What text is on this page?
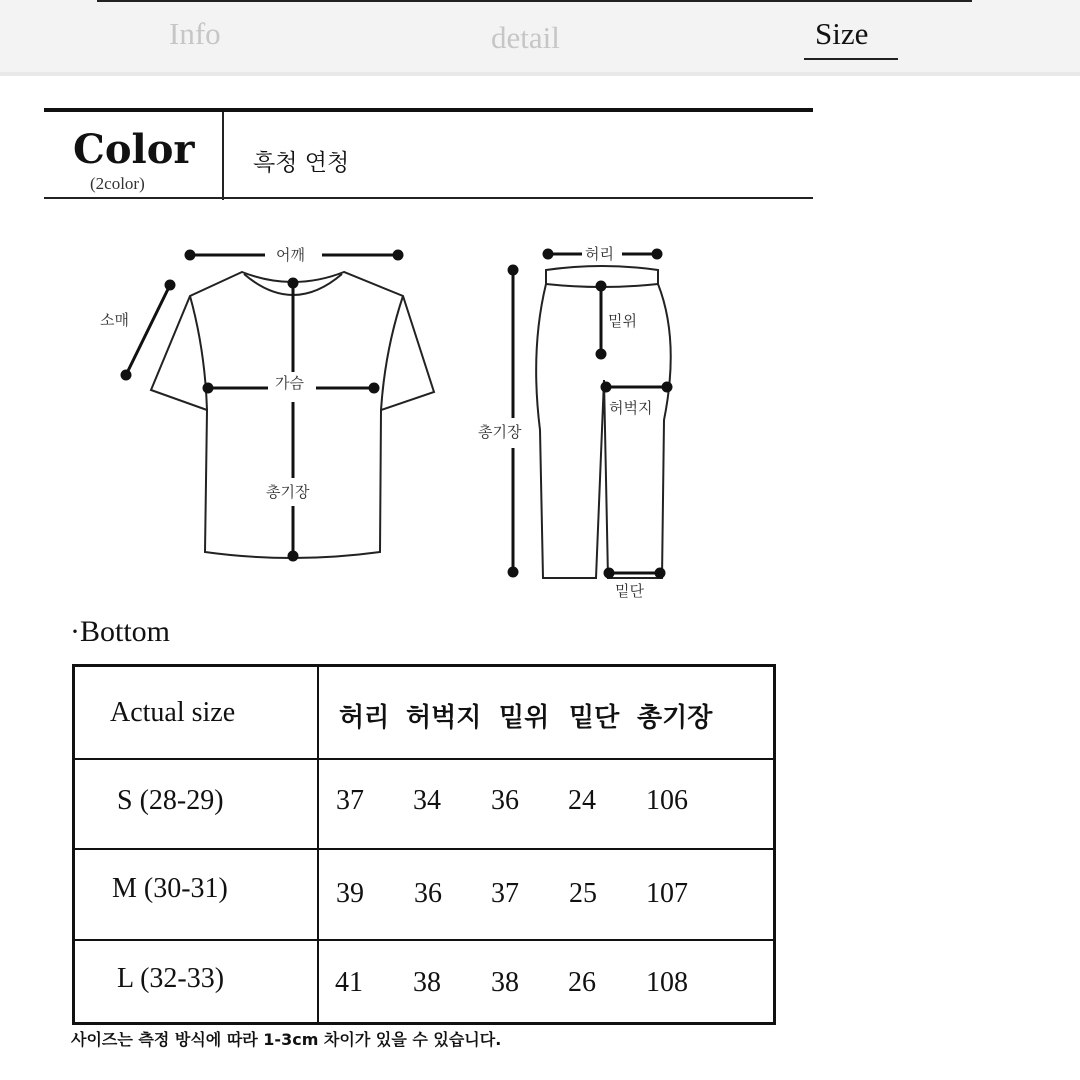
Info	detail	Size
Color
(2color)
흑청 연청
어깨
소매
가슴
총기장
허리
밑위
허벅지
총기장
밑단
·Bottom
Actual size	허리 허벅지 밑위 밑단 총기장
S (28-29)	37 34 36 24 106
M (30-31)	39 36 37 25 107
L (32-33)	41 38 38 26 108
사이즈는 측정 방식에 따라 1-3cm 차이가 있을 수 있습니다.
